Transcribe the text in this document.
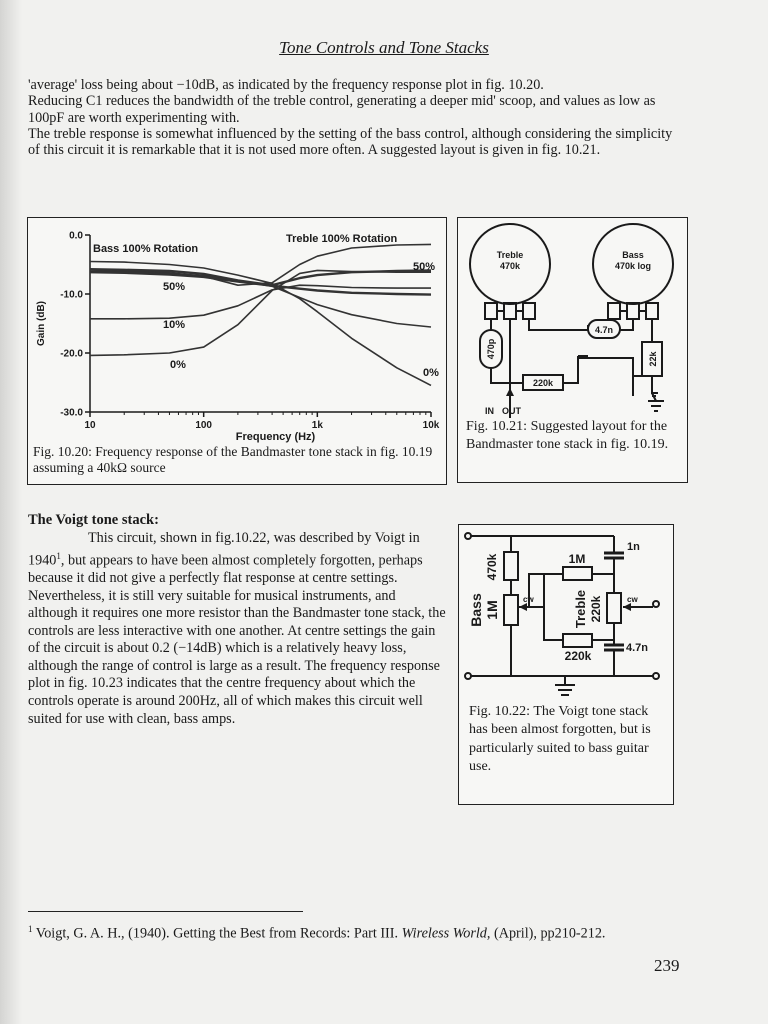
Tone Controls and Tone Stacks

'average' loss being about −10dB, as indicated by the frequency response plot in fig. 10.20.

Reducing C1 reduces the bandwidth of the treble control, generating a deeper mid' scoop, and values as low as 100pF are worth experimenting with.

The treble response is somewhat influenced by the setting of the bass control, although considering the simplicity of this circuit it is remarkable that it is not used more often. A suggested layout is given in fig. 10.21.

0.0
-10.0
-20.0
-30.0
10	100	1k	10k
Frequency (Hz)
Gain (dB)
Bass 100% Rotation
Treble 100% Rotation
50%
10%
0%
50%
0%
Fig. 10.20: Frequency response of the Bandmaster tone stack in fig. 10.19 assuming a 40kΩ source
Treble
470k
Bass
470k log
470p
4.7n
22k
220k
IN OUT
Fig. 10.21: Suggested layout for the Bandmaster tone stack in fig. 10.19.
The Voigt tone stack:

This circuit, shown in fig.10.22, was described by Voigt in 1940$^1$, but appears to have been almost completely forgotten, perhaps because it did not give a perfectly flat response at centre settings. Nevertheless, it is still very suitable for musical instruments, and although it requires one more resistor than the Bandmaster tone stack, the controls are less interactive with one another. At centre settings the gain of the circuit is about 0.2 (−14dB) which is a relatively heavy loss, although the range of control is large as a result. The frequency response plot in fig. 10.23 indicates that the centre frequency about which the controls operate is around 200Hz, all of which makes this circuit well suited for use with clean, bass amps.

470k
Bass 1M
1M
1n
Treble 220k
220k
4.7n
cw	cw
Fig. 10.22: The Voigt tone stack has been almost forgotten, but is particularly suited to bass guitar use.
$^1$ Voigt, G. A. H., (1940). Getting the Best from Records: Part III. Wireless World, (April), pp210-212.
239
